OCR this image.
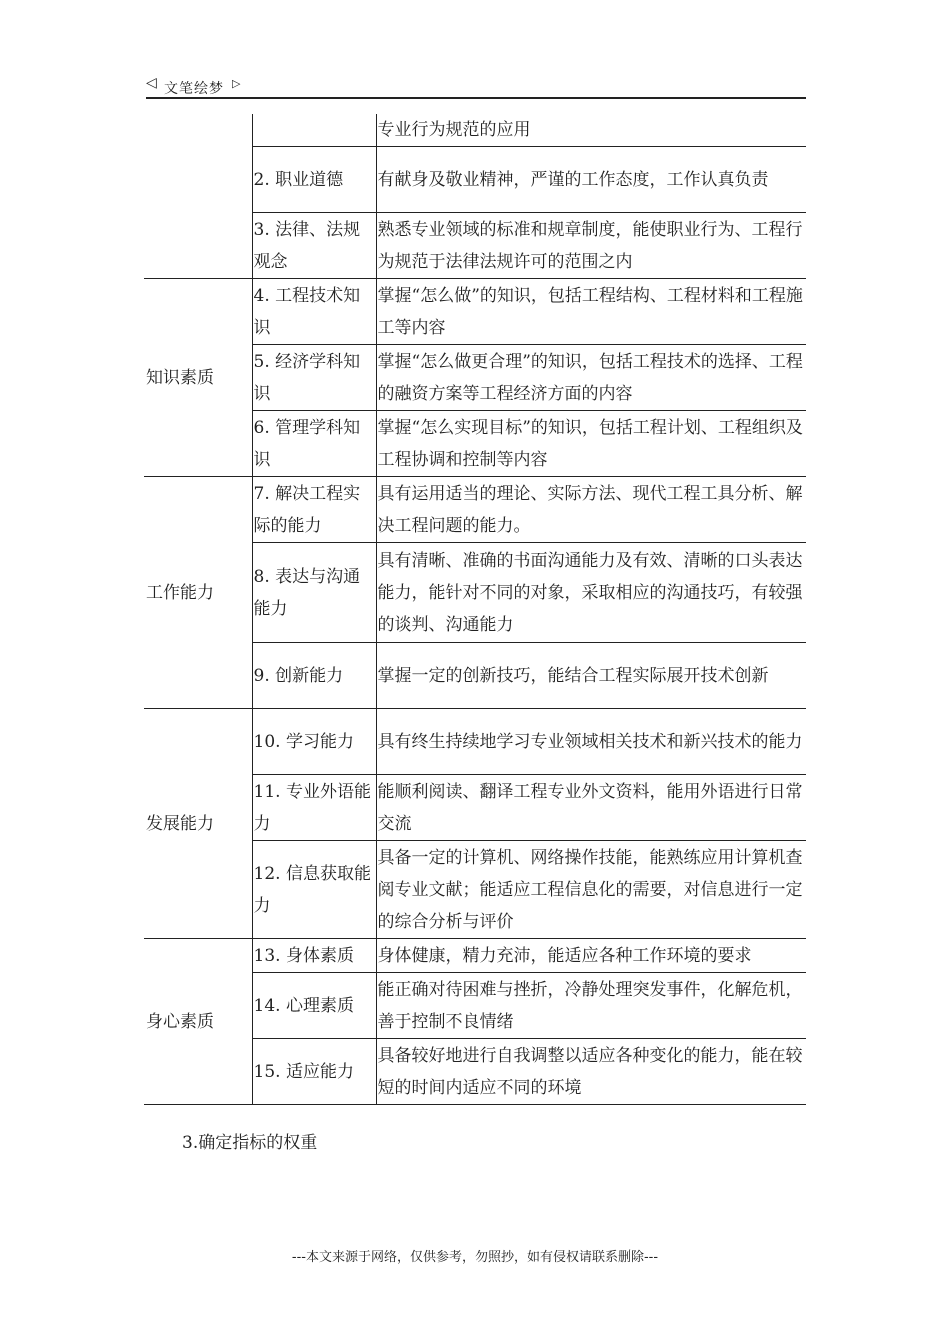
◁ 文笔绘梦 ▷
		专业行为规范的应用
	2. 职业道德	有献身及敬业精神，严谨的工作态度，工作认真负责
	3. 法律、法规观念	熟悉专业领域的标准和规章制度，能使职业行为、工程行为规范于法律法规许可的范围之内
知识素质	4. 工程技术知识	掌握“怎么做”的知识，包括工程结构、工程材料和工程施工等内容
	5. 经济学科知识	掌握“怎么做更合理”的知识，包括工程技术的选择、工程的融资方案等工程经济方面的内容
	6. 管理学科知识	掌握“怎么实现目标”的知识，包括工程计划、工程组织及工程协调和控制等内容
工作能力	7. 解决工程实际的能力	具有运用适当的理论、实际方法、现代工程工具分析、解决工程问题的能力。
	8. 表达与沟通能力	具有清晰、准确的书面沟通能力及有效、清晰的口头表达能力，能针对不同的对象，采取相应的沟通技巧，有较强的谈判、沟通能力
	9. 创新能力	掌握一定的创新技巧，能结合工程实际展开技术创新
发展能力	10. 学习能力	具有终生持续地学习专业领域相关技术和新兴技术的能力
	11. 专业外语能力	能顺利阅读、翻译工程专业外文资料，能用外语进行日常交流
	12. 信息获取能力	具备一定的计算机、网络操作技能，能熟练应用计算机查阅专业文献；能适应工程信息化的需要，对信息进行一定的综合分析与评价
身心素质	13. 身体素质	身体健康，精力充沛，能适应各种工作环境的要求
	14. 心理素质	能正确对待困难与挫折，冷静处理突发事件，化解危机，善于控制不良情绪
	15. 适应能力	具备较好地进行自我调整以适应各种变化的能力，能在较短的时间内适应不同的环境
3.确定指标的权重
---本文来源于网络，仅供参考，勿照抄，如有侵权请联系删除---
